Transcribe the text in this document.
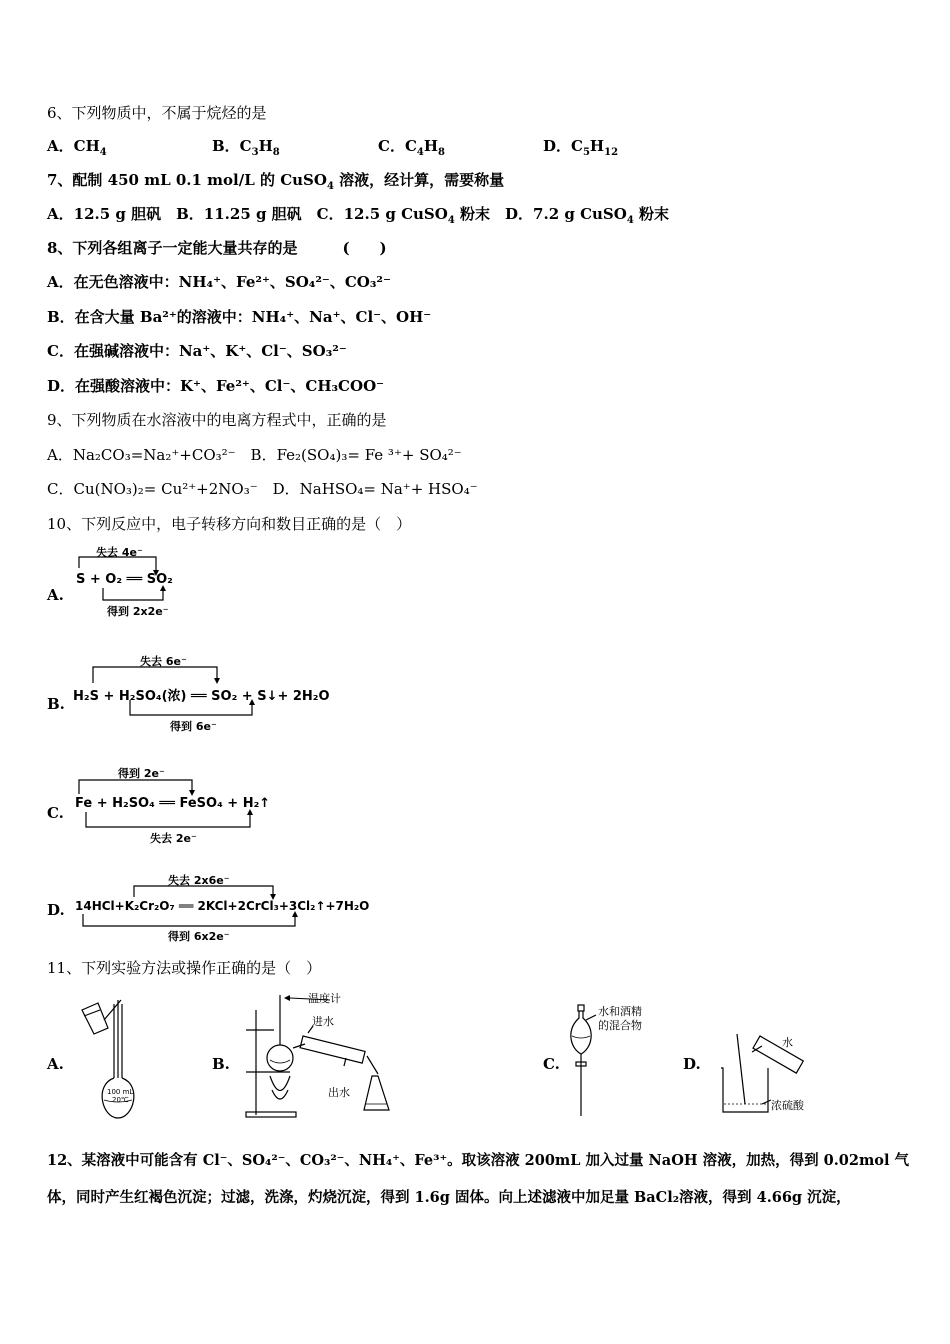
6、下列物质中，不属于烷烃的是
A．$CH_4$	B．$C_3H_8$	C．$C_4H_8$	D．$C_5H_{12}$
7、配制 450 mL 0.1 mol/L 的 CuSO$_4$ 溶液，经计算，需要称量
A．12.5 g 胆矾　B．11.25 g 胆矾　C．12.5 g CuSO$_4$ 粉末　D．7.2 g CuSO$_4$ 粉末
8、下列各组离子一定能大量共存的是　　　(　　)
A．在无色溶液中：NH₄⁺、Fe²⁺、SO₄²⁻、CO₃²⁻
B．在含大量 Ba²⁺的溶液中：NH₄⁺、Na⁺、Cl⁻、OH⁻
C．在强碱溶液中：Na⁺、K⁺、Cl⁻、SO₃²⁻
D．在强酸溶液中：K⁺、Fe²⁺、Cl⁻、CH₃COO⁻
9、下列物质在水溶液中的电离方程式中，正确的是
A．Na₂CO₃=Na₂⁺+CO₃²⁻　B．Fe₂(SO₄)₃= Fe ³⁺+ SO₄²⁻
C．Cu(NO₃)₂= Cu²⁺+2NO₃⁻　D．NaHSO₄= Na⁺+ HSO₄⁻
10、下列反应中，电子转移方向和数目正确的是（　）
A.
失去 4e⁻
S + O₂ ══ SO₂
得到 2x2e⁻
B.
失去 6e⁻
H₂S + H₂SO₄(浓) ══ SO₂ + S↓+ 2H₂O
得到 6e⁻
C.
得到 2e⁻
Fe + H₂SO₄ ══ FeSO₄ + H₂↑
失去 2e⁻
D.
失去 2x6e⁻
14HCl+K₂Cr₂O₇ ══ 2KCl+2CrCl₃+3Cl₂↑+7H₂O
得到 6x2e⁻
11、下列实验方法或操作正确的是（　）
A.	B.	C.	D.
100 mL
20℃
温度计
进水
出水
水和酒精
的混合物
水
浓硫酸
12、某溶液中可能含有 Cl⁻、SO₄²⁻、CO₃²⁻、NH₄⁺、Fe³⁺。取该溶液 200mL 加入过量 NaOH 溶液，加热，得到 0.02mol 气
体，同时产生红褐色沉淀；过滤，洗涤，灼烧沉淀，得到 1.6g 固体。向上述滤液中加足量 BaCl₂溶液，得到 4.66g 沉淀，
